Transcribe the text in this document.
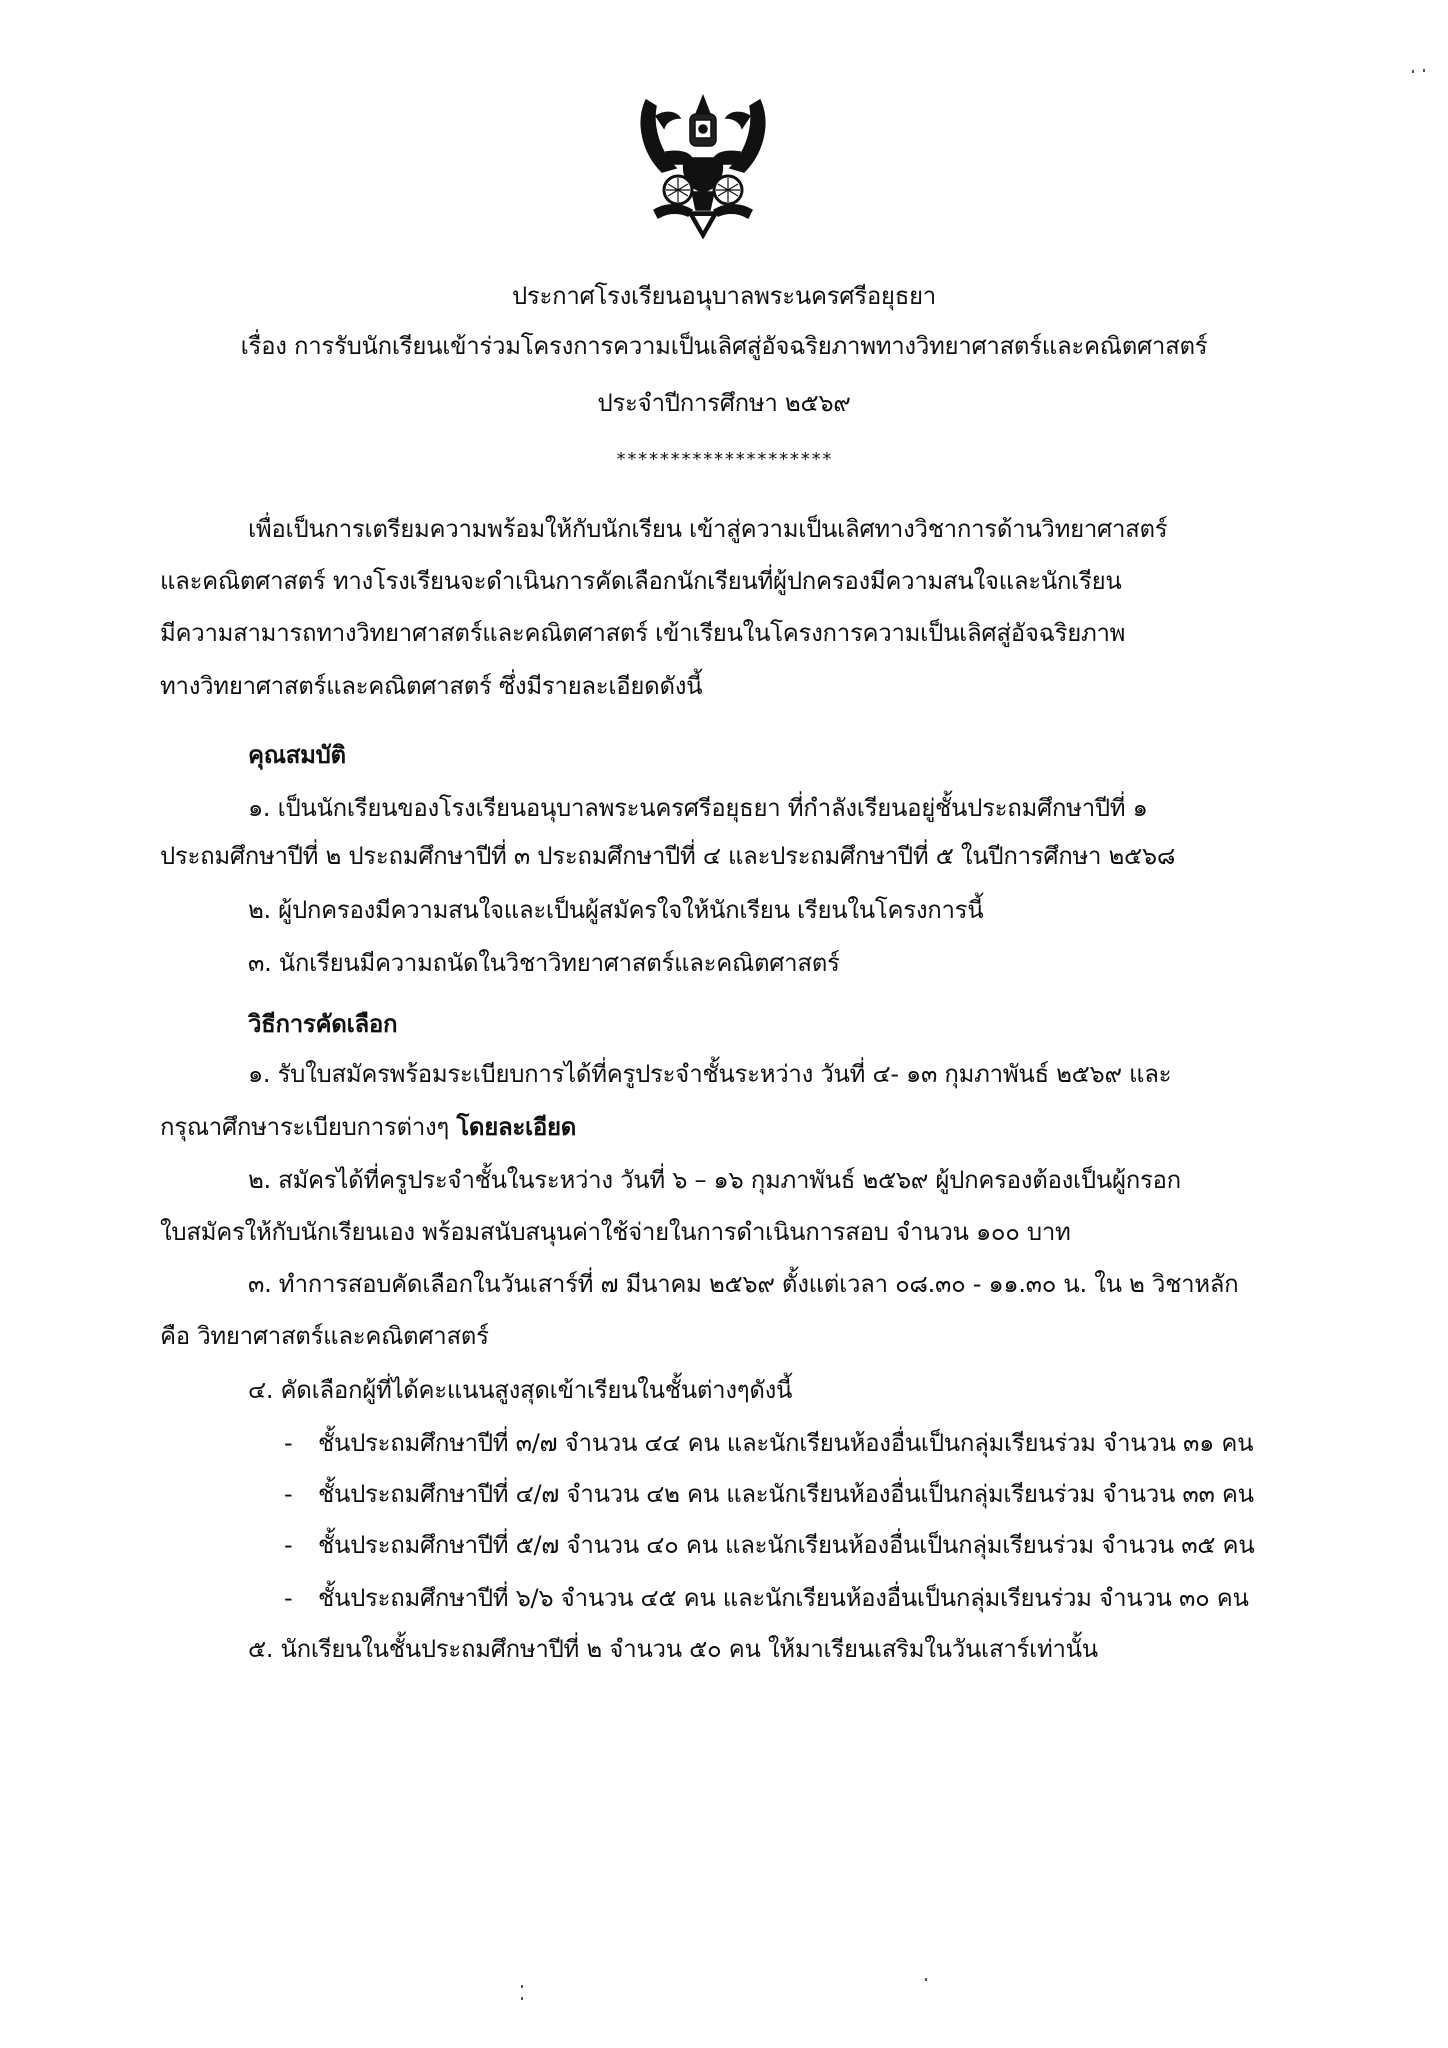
ประกาศโรงเรียนอนุบาลพระนครศรีอยุธยา
เรื่อง การรับนักเรียนเข้าร่วมโครงการความเป็นเลิศสู่อัจฉริยภาพทางวิทยาศาสตร์และคณิตศาสตร์
ประจำปีการศึกษา ๒๕๖๙
********************
เพื่อเป็นการเตรียมความพร้อมให้กับนักเรียน เข้าสู่ความเป็นเลิศทางวิชาการด้านวิทยาศาสตร์
และคณิตศาสตร์ ทางโรงเรียนจะดำเนินการคัดเลือกนักเรียนที่ผู้ปกครองมีความสนใจและนักเรียน
มีความสามารถทางวิทยาศาสตร์และคณิตศาสตร์ เข้าเรียนในโครงการความเป็นเลิศสู่อัจฉริยภาพ
ทางวิทยาศาสตร์และคณิตศาสตร์ ซึ่งมีรายละเอียดดังนี้
คุณสมบัติ
๑. เป็นนักเรียนของโรงเรียนอนุบาลพระนครศรีอยุธยา ที่กำลังเรียนอยู่ชั้นประถมศึกษาปีที่ ๑
ประถมศึกษาปีที่ ๒ ประถมศึกษาปีที่ ๓ ประถมศึกษาปีที่ ๔ และประถมศึกษาปีที่ ๕ ในปีการศึกษา ๒๕๖๘
๒. ผู้ปกครองมีความสนใจและเป็นผู้สมัครใจให้นักเรียน เรียนในโครงการนี้
๓. นักเรียนมีความถนัดในวิชาวิทยาศาสตร์และคณิตศาสตร์
วิธีการคัดเลือก
๑. รับใบสมัครพร้อมระเบียบการได้ที่ครูประจำชั้นระหว่าง วันที่ ๔- ๑๓ กุมภาพันธ์ ๒๕๖๙ และ
กรุณาศึกษาระเบียบการต่างๆ โดยละเอียด
๒. สมัครได้ที่ครูประจำชั้นในระหว่าง วันที่ ๖ – ๑๖ กุมภาพันธ์ ๒๕๖๙ ผู้ปกครองต้องเป็นผู้กรอก
ใบสมัครให้กับนักเรียนเอง พร้อมสนับสนุนค่าใช้จ่ายในการดำเนินการสอบ จำนวน ๑๐๐ บาท
๓. ทำการสอบคัดเลือกในวันเสาร์ที่ ๗ มีนาคม ๒๕๖๙ ตั้งแต่เวลา ๐๘.๓๐ - ๑๑.๓๐ น. ใน ๒ วิชาหลัก
คือ วิทยาศาสตร์และคณิตศาสตร์
๔. คัดเลือกผู้ที่ได้คะแนนสูงสุดเข้าเรียนในชั้นต่างๆดังนี้
- ชั้นประถมศึกษาปีที่ ๓/๗ จำนวน ๔๔ คน และนักเรียนห้องอื่นเป็นกลุ่มเรียนร่วม จำนวน ๓๑ คน
- ชั้นประถมศึกษาปีที่ ๔/๗ จำนวน ๔๒ คน และนักเรียนห้องอื่นเป็นกลุ่มเรียนร่วม จำนวน ๓๓ คน
- ชั้นประถมศึกษาปีที่ ๕/๗ จำนวน ๔๐ คน และนักเรียนห้องอื่นเป็นกลุ่มเรียนร่วม จำนวน ๓๕ คน
- ชั้นประถมศึกษาปีที่ ๖/๖ จำนวน ๔๕ คน และนักเรียนห้องอื่นเป็นกลุ่มเรียนร่วม จำนวน ๓๐ คน
๕. นักเรียนในชั้นประถมศึกษาปีที่ ๒ จำนวน ๕๐ คน ให้มาเรียนเสริมในวันเสาร์เท่านั้น
